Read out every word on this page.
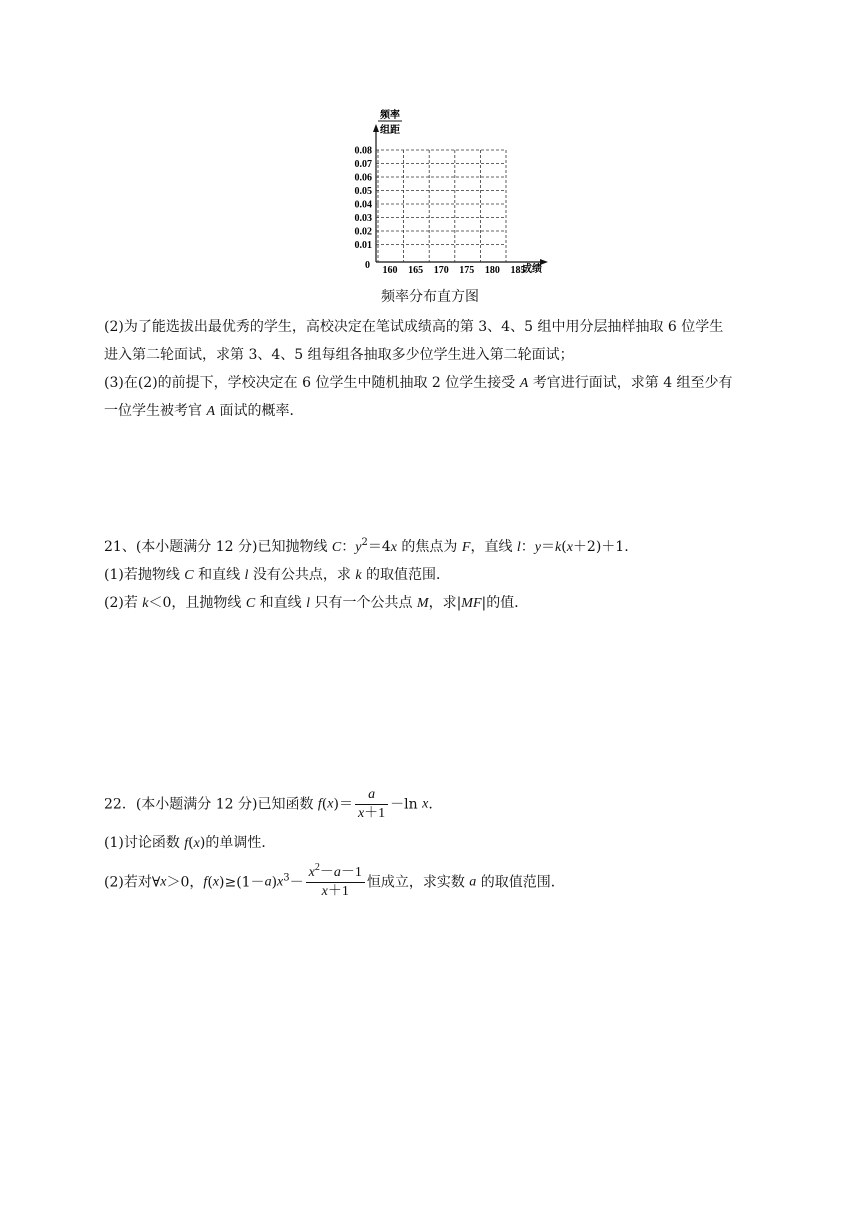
频率
组距
0	成绩
0.01
0.02
0.03
0.04
0.05
0.06
0.07
0.08
160 165 170 175 180 185
频率分布直方图
(2)为了能选拔出最优秀的学生，高校决定在笔试成绩高的第 3、4、5 组中用分层抽样抽取 6 位学生
进入第二轮面试，求第 3、4、5 组每组各抽取多少位学生进入第二轮面试；
(3)在(2)的前提下，学校决定在 6 位学生中随机抽取 2 位学生接受 A 考官进行面试，求第 4 组至少有
一位学生被考官 A 面试的概率．
21、(本小题满分 12 分)已知抛物线 C：$y^2=4x$ 的焦点为 F，直线 l：y＝k(x＋2)＋1.
(1)若抛物线 C 和直线 l 没有公共点，求 k 的取值范围．
(2)若 k＜0，且抛物线 C 和直线 l 只有一个公共点 M，求|MF|的值．
22．(本小题满分 12 分)已知函数 $f(x)= \frac{a}{x+1} -\ln$ x.
(1)讨论函数 f(x)的单调性．
(2)若对∀x＞0，$f(x)\ge(1-a)x^3- \frac{x^2-a-1}{x+1}$ 恒成立，求实数 a 的取值范围．
